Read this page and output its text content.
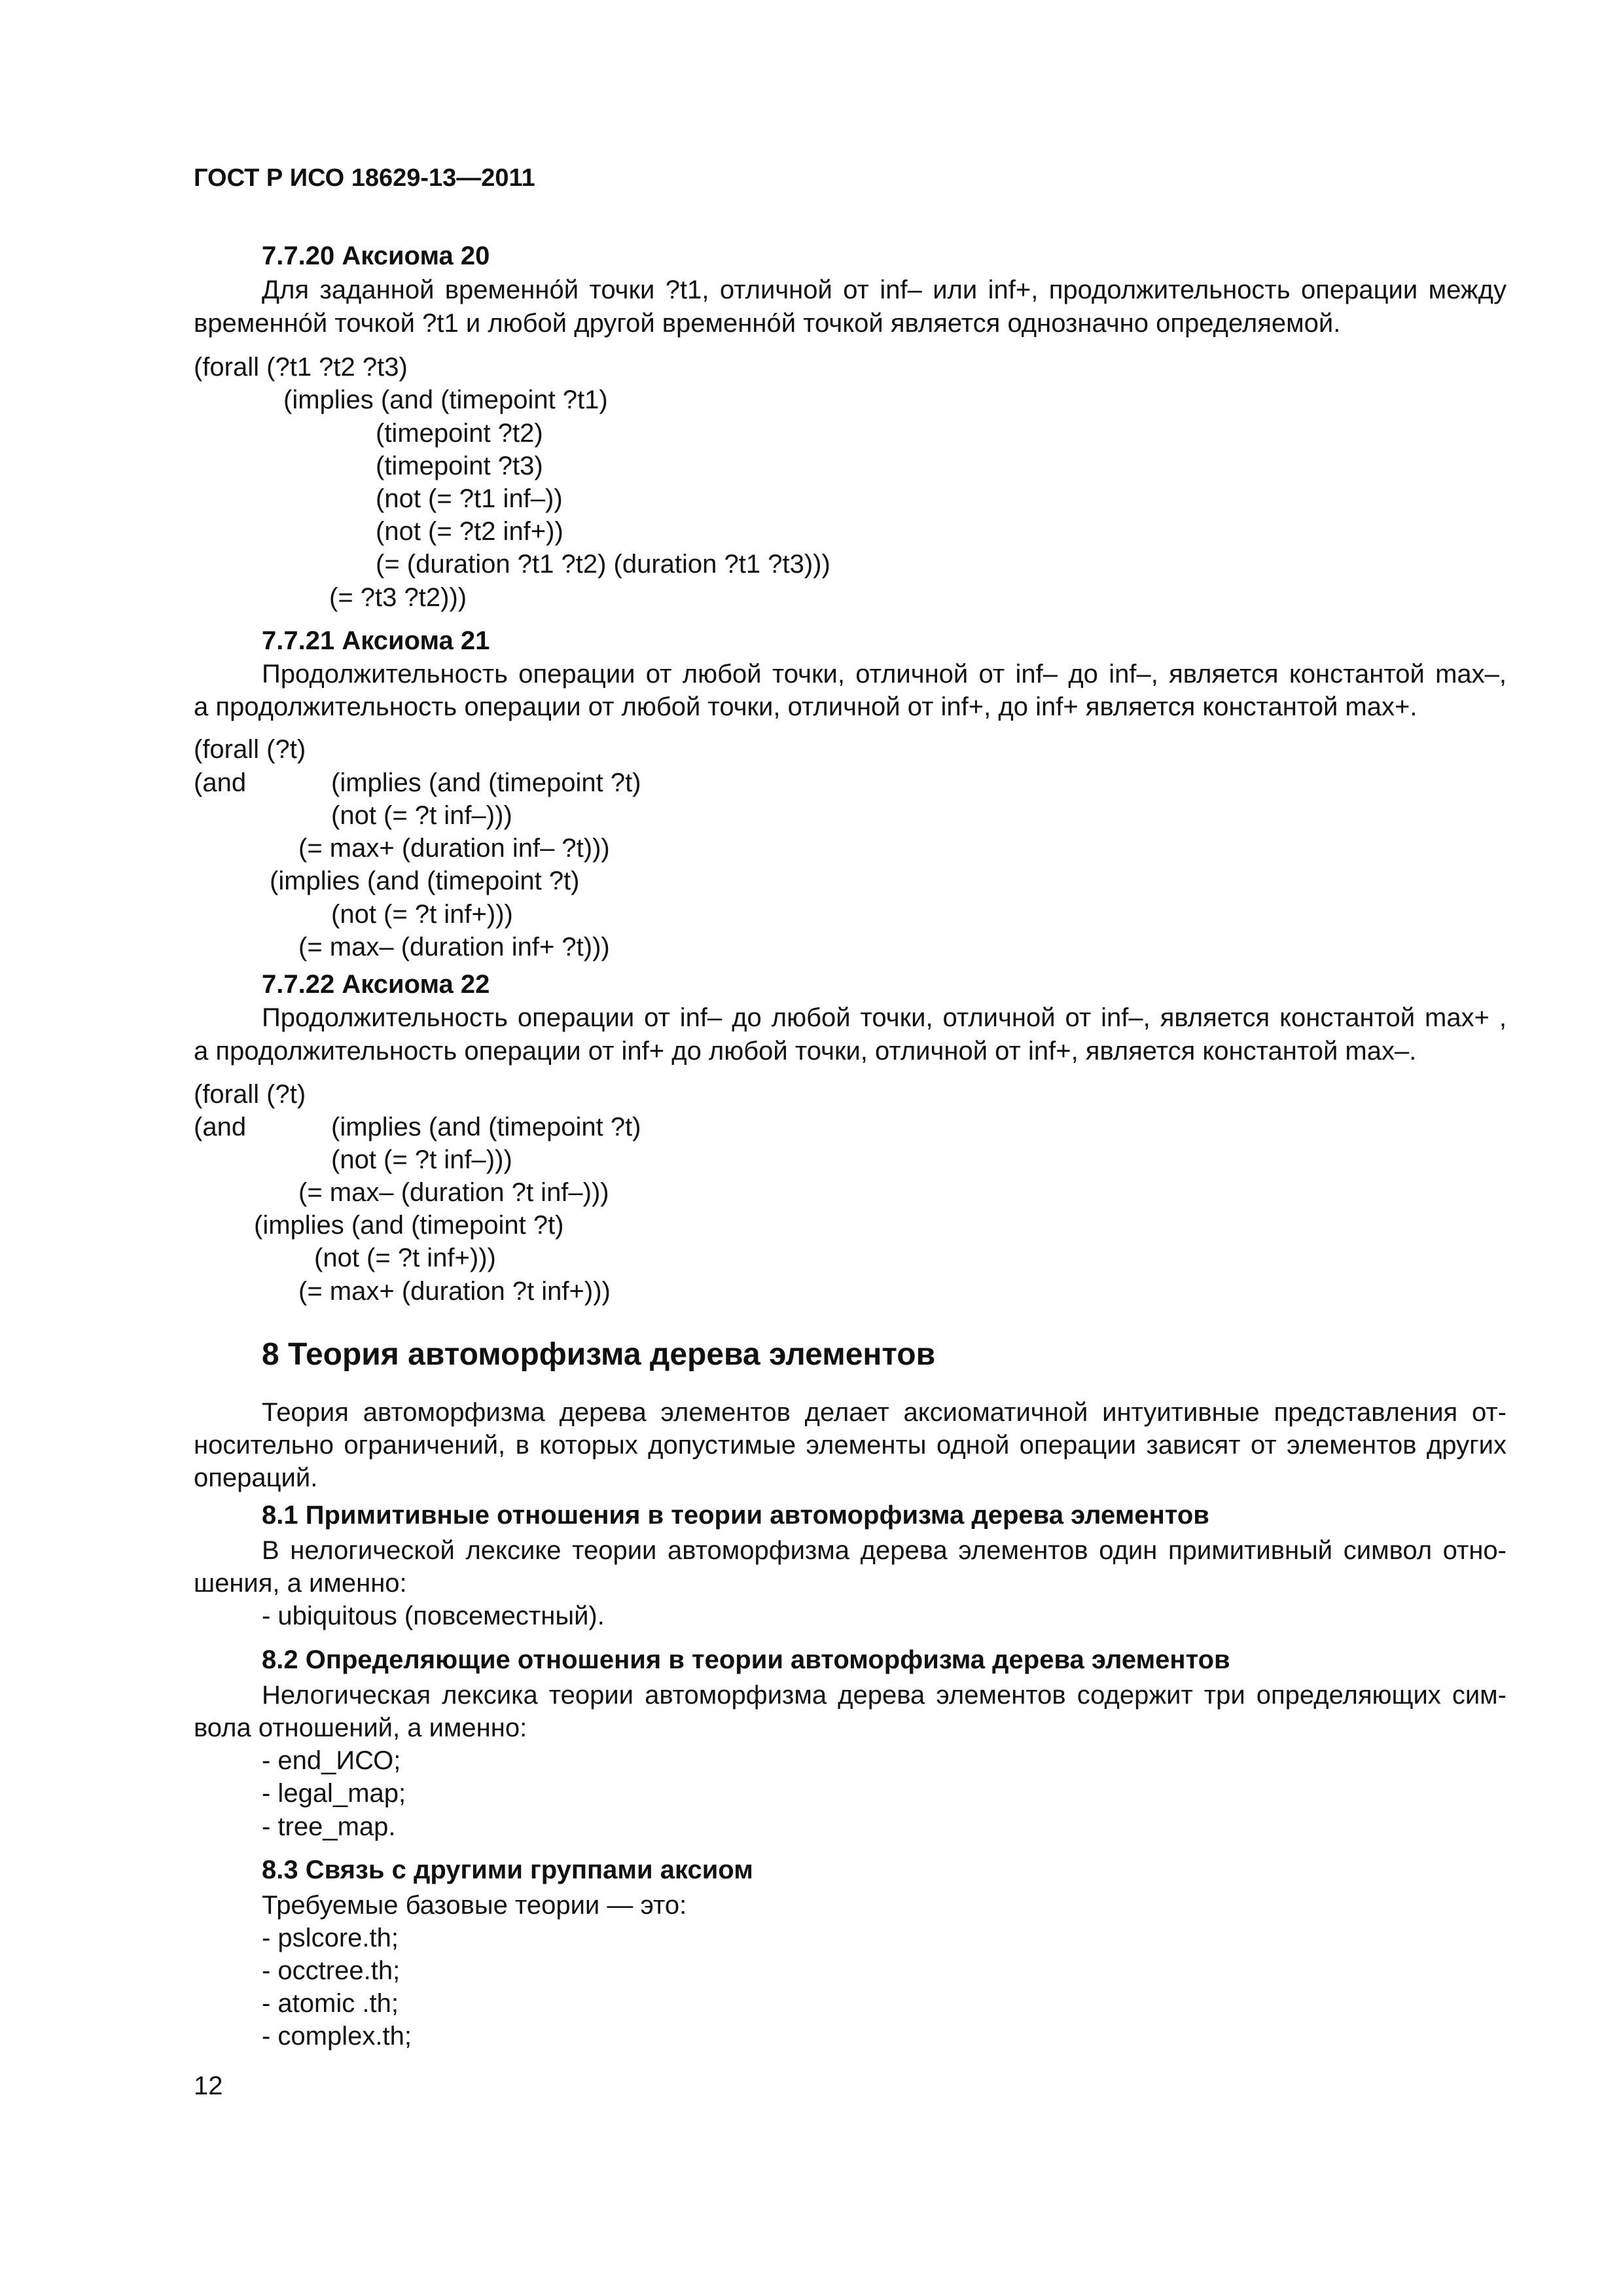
ГОСТ Р ИСО 18629-13—2011
7.7.20 Аксиома 20
Для заданной временно́й точки ?t1, отличной от inf– или inf+, продолжительность операции между
временно́й точкой ?t1 и любой другой временно́й точкой является однозначно определяемой.
(forall (?t1 ?t2 ?t3)
(implies (and (timepoint ?t1)
(timepoint ?t2)
(timepoint ?t3)
(not (= ?t1 inf–))
(not (= ?t2 inf+))
(= (duration ?t1 ?t2) (duration ?t1 ?t3)))
(= ?t3 ?t2)))
7.7.21 Аксиома 21
Продолжительность операции от любой точки, отличной от inf– до inf–, является константой max–,
а продолжительность операции от любой точки, отличной от inf+, до inf+ является константой max+.
(forall (?t)
(and	(implies (and (timepoint ?t)
(not (= ?t inf–)))
(= max+ (duration inf– ?t)))
(implies (and (timepoint ?t)
(not (= ?t inf+)))
(= max– (duration inf+ ?t)))
7.7.22 Аксиома 22
Продолжительность операции от inf– до любой точки, отличной от inf–, является константой max+ ,
а продолжительность операции от inf+ до любой точки, отличной от inf+, является константой max–.
(forall (?t)
(and	(implies (and (timepoint ?t)
(not (= ?t inf–)))
(= max– (duration ?t inf–)))
(implies (and (timepoint ?t)
(not (= ?t inf+)))
(= max+ (duration ?t inf+)))
8 Теория автоморфизма дерева элементов
Теория автоморфизма дерева элементов делает аксиоматичной интуитивные представления от-
носительно ограничений, в которых допустимые элементы одной операции зависят от элементов других
операций.
8.1 Примитивные отношения в теории автоморфизма дерева элементов
В нелогической лексике теории автоморфизма дерева элементов один примитивный символ отно-
шения, а именно:
- ubiquitous (повсеместный).
8.2 Определяющие отношения в теории автоморфизма дерева элементов
Нелогическая лексика теории автоморфизма дерева элементов содержит три определяющих сим-
вола отношений, а именно:
- end_ИСО;
- legal_map;
- tree_map.
8.3 Связь с другими группами аксиом
Требуемые базовые теории — это:
- pslcore.th;
- occtree.th;
- atomic .th;
- complex.th;
12
